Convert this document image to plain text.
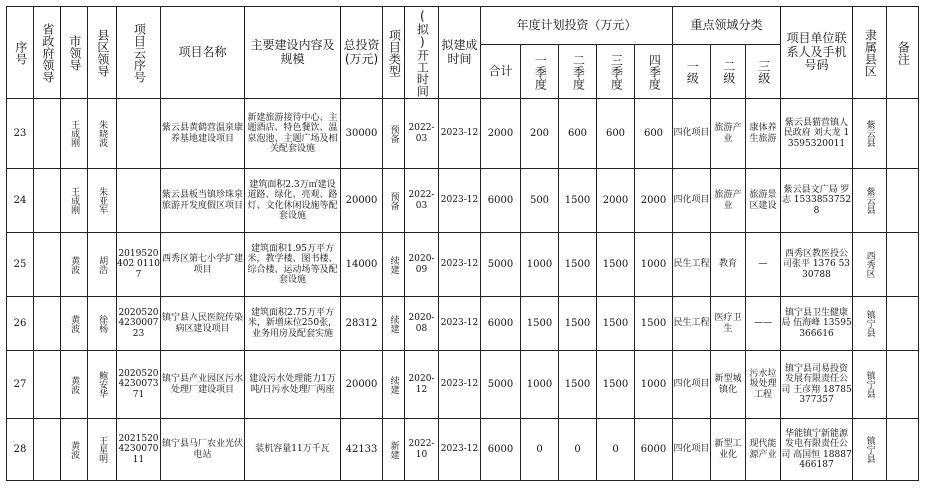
序号	省政府领导	市领导	县区领导	项目云序号	项目名称	主要建设内容及规模	总投资(万元)	项目类型	(拟)开工时间	拟建成时间	年度计划投资（万元）					重点领域分类			项目单位联系人及手机号码	隶属县区	备注

											合计	一季度	二季度	三季度	四季度	一级	二级	三级			

23		王成刚	朱晓波		紫云县黄鹤营温泉康养基地建设项目	新建旅游接待中心、主题酒店、特色餐饮、温泉泡池、主题广场及相关配套设施	30000	预备	2022-03	2023-12	2000	200	600	600	600	四化项目	旅游产业	康体养生旅游	紫云县猫营镇人民政府 刘大龙 13595320011	紫云县	

24		王成刚	朱亚军		紫云县板当镇珍珠泉旅游开发度假区项目	建筑面积2.3万㎡建设道路、绿化、亮观、路灯、文化休闲设施等配套设施	20000	预备	2022-03	2023-12	6000	500	1500	2000	2000	四化项目	旅游产业	旅游景区建设	紫云县文广局 罗志 15338537528	紫云县	

25		黄波	胡浩	2019520402 01107	西秀区第七小学扩建项目	建筑面积1.95万平方米，教学楼、图书楼、综合楼、运动场等及配套设施	14000	续建	2020-09	2023-12	5000	1000	1500	1500	1000	民生工程	教育	—	西秀区教医投公司张平 1376 5330788	西秀区	

26		黄波	徐杨	2020520423000723	镇宁县人民医院传染病区建设项目	建筑面积2.75万平方米，新增床位250张，业务用房及配套实施	28312	续建	2020-08	2023-12	6000	1500	1500	1500	1500	民生工程	医疗卫生	——	镇宁县卫生健康局 伍海峰 13595366616	镇宁县	

27		黄波	鲍安华	2020520423007371	镇宁县产业园区污水处理厂建设项目	建设污水处理能力1万吨/日污水处理厂两座	20000	续建	2020-12	2023-12	5000	1000	1500	1500	1000	四化项目	新型城镇化	污水垃圾处理工程	镇宁县司易投资发展有限责任公司 王彦翔 18785377357	镇宁县	

28		黄波	王星明	2021520423007011	镇宁县马厂农业光伏电站	装机容量11万千瓦	42133	新建	2022-10	2023-12	6000	0	0	0	6000	四化项目	新型工业化	现代能源产业	华能镇宁新能源发电有限责任公司 高国恒 18887466187	镇宁县	
